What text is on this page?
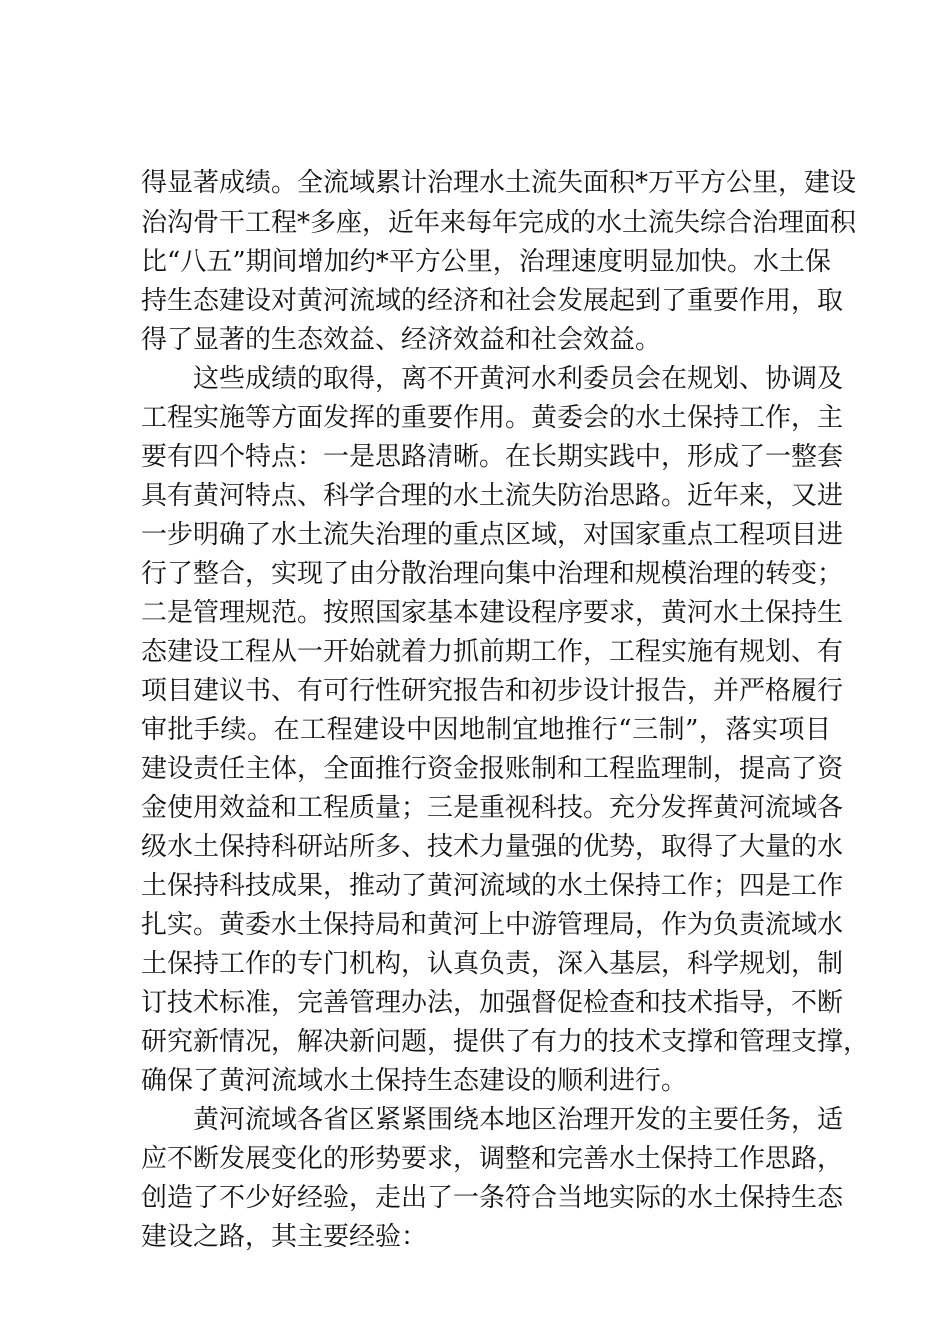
得显著成绩。全流域累计治理水土流失面积*万平方公里，建设
治沟骨干工程*多座，近年来每年完成的水土流失综合治理面积
比“八五”期间增加约*平方公里，治理速度明显加快。水土保
持生态建设对黄河流域的经济和社会发展起到了重要作用，取
得了显著的生态效益、经济效益和社会效益。
这些成绩的取得，离不开黄河水利委员会在规划、协调及
工程实施等方面发挥的重要作用。黄委会的水土保持工作，主
要有四个特点：一是思路清晰。在长期实践中，形成了一整套
具有黄河特点、科学合理的水土流失防治思路。近年来，又进
一步明确了水土流失治理的重点区域，对国家重点工程项目进
行了整合，实现了由分散治理向集中治理和规模治理的转变；
二是管理规范。按照国家基本建设程序要求，黄河水土保持生
态建设工程从一开始就着力抓前期工作，工程实施有规划、有
项目建议书、有可行性研究报告和初步设计报告，并严格履行
审批手续。在工程建设中因地制宜地推行“三制”，落实项目
建设责任主体，全面推行资金报账制和工程监理制，提高了资
金使用效益和工程质量；三是重视科技。充分发挥黄河流域各
级水土保持科研站所多、技术力量强的优势，取得了大量的水
土保持科技成果，推动了黄河流域的水土保持工作；四是工作
扎实。黄委水土保持局和黄河上中游管理局，作为负责流域水
土保持工作的专门机构，认真负责，深入基层，科学规划，制
订技术标准，完善管理办法，加强督促检查和技术指导，不断
研究新情况，解决新问题，提供了有力的技术支撑和管理支撑，
确保了黄河流域水土保持生态建设的顺利进行。
黄河流域各省区紧紧围绕本地区治理开发的主要任务，适
应不断发展变化的形势要求，调整和完善水土保持工作思路，
创造了不少好经验，走出了一条符合当地实际的水土保持生态
建设之路，其主要经验：
